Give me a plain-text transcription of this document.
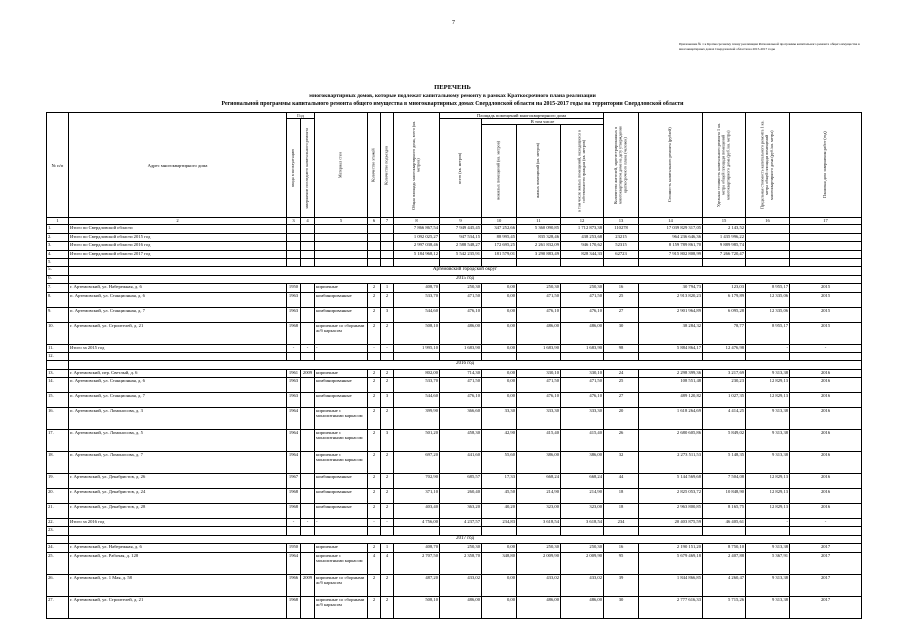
7
Приложение № 1 к Краткосрочному плану реализации Региональной программы капитального ремонта общего имущества в многоквартирных домах Свердловской области на 2015-2017 годы
ПЕРЕЧЕНЬ
многоквартирных домов, которые подлежат капитальному ремонту в рамках Краткосрочного плана реализации
Региональной программы капитального ремонта общего имущества в многоквартирных домах Свердловской области на 2015-2017 годы на территории Свердловской области
№ п/п	Адрес многоквартирного дома	Год		Материал стен	Количество этажей	Количество подъездов	Общая площадь многоквартирного дома, всего (кв. метров)	Площадь помещений многоквартирного дома				Количество жителей, зарегистрированных в многоквартирном доме на дату утверждения краткосрочного плана (человек)	Стоимость капитального ремонта (рублей)	Удельная стоимость капитального ремонта 1 кв. метра общей площади помещений многоквартирного дома (руб./кв. метра)	Предельная стоимость капитального ремонта 1 кв. метра общей площади помещений многоквартирного дома (руб./кв. метра)	Плановая дата завершения работ (год)

ввода в эксплуатацию	завершение последнего капитального ремонта					всего (кв. метров)	В том числе							

нежилых помещений (кв. метров)	жилых помещений (кв. метров)	в том числе жилых помещений, находящихся в собственности граждан (кв. метров)					

1	2	3	4	5	6	7	8	9	10	11	12	13	14	15	16	17
1.	Итого по Свердловской области						7 866 867,54	7 949 445,45	347 252,66	5 360 090,85	1 712 873,38	110278	17 039 829 317,05	2 143,52		
2.	Итого по Свердловской области 2015 год						1 092 025,27	947 534,15	88 995,45	835 328,46	438 253,68	23215	964 236 646,36	1 435 996,22		
3.	Итого по Свердловской области 2016 год						2 997 038,46	2 588 548,27	172 695,25	2 261 832,09	946 170,62	52315	8 159 789 861,70	9 889 985,74		
4.	Итого по Свердловской области 2017 год						5 184 968,12	5 542 235,91	181 579,01	3 290 883,49	828 344,33	62723	7 915 802 808,99	7 266 720,47		
5.																
5.	Артемовский городской округ															
6.	2015 год															
7.	г. Артемовский, ул. Набережная, д. 6	1950		кирпичные	2	1	408,70	250,30	0,00	250,30	250,30	16	30 794,73	123,03	8 955,17	2015
8.	п. Артемовский, ул. Станционная, д. 6	1963		комбинированные	2	2	533,70	471,50	0,00	471,50	471,50	25	2 913 820,23	6 179,89	12 335,06	2015
9.	п. Артемовский, ул. Станционная, д. 7	1963		комбинированные	2	3	544,60	476,10	0,00	476,10	476,10	27	2 901 964,89	6 095,28	12 335,06	2015
10.	г. Артемовский, ул. Строителей, д. 21	1968		кирпичные со сборными ж/б каркасом	2	2	508,10	486,00	0,00	486,00	486,00	30	38 284,32	78,77	8 955,17	2015
11.	Итого за 2015 год	-	-	-	-	-	1 995,10	1 683,90	0,00	1 683,90	1 683,90	98	5 884 864,17	12 476,98	-	-
12.																
	2016 год															
13.	г. Артемовский, пер. Светлый, д. 6	1961	2009	кирпичные	2	2	802,00	714,30	0,00	330,10	330,10	24	2 298 399,36	3 217,69	9 313,38	2016
14.	п. Артемовский, ул. Станционная, д. 6	1963		комбинированные	2	2	533,70	471,50	0,00	471,50	471,50	25	108 551,48	230,23	12 829,13	2016
15.	п. Артемовский, ул. Станционная, д. 7	1963		комбинированные	2	3	544,60	476,10	0,00	476,10	476,10	27	489 120,82	1 027,35	12 829,13	2016
16.	п. Артемовский, ул. Ломоносова, д. 3	1964		кирпичные с монолитными каркасом	2	2	399,90	366,60	33,30	333,30	333,30	20	1 618 264,69	4 414,25	9 313,38	2016
17.	п. Артемовский, ул. Ломоносова, д. 5	1964		кирпичные с монолитными каркасом	2	3	501,20	458,30	42,90	415,40	415,40	26	2 680 605,86	5 849,02	9 313,38	2016
18.	п. Артемовский, ул. Ломоносова, д. 7	1964		кирпичные с монолитными каркасом	2	2	697,20	441,60	55,60	386,00	386,00	32	2 273 511,53	5 148,35	9 313,38	2016
19.	г. Артемовский, ул. Декабристов, д. 26	1967		комбинированные	2	2	702,90	685,57	17,33	668,24	668,24	44	5 144 569,68	7 504,08	12 829,13	2016
20.	г. Артемовский, ул. Декабристов, д. 24	1968		комбинированные	2	2	371,10	260,40	45,50	214,90	214,90	18	2 825 053,72	10 848,90	12 829,13	2016
21.	г. Артемовский, ул. Декабристов, д. 28	1968		комбинированные	2	2	403,40	363,20	40,20	323,00	323,00	18	2 963 800,85	8 165,75	12 829,13	2016
22.	Итого за 2016 год	-	-	-	-	-	4 756,00	4 237,57	234,83	3 618,54	3 618,54	234	20 403 875,59	46 405,61	-	-
23.																
	2017 год															
24.	г. Артемовский, ул. Набережная, д. 6	1950		кирпичные	2	1	408,70	250,30	0,00	250,30	250,30	16	2 190 151,20	8 750,10	9 313,38	2017
25.	г. Артемовский, ул. Рабочая, д. 128	1964		кирпичные с монолитными каркасом	4	4	2 707,50	2 358,70	348,80	2 009,90	2 009,90	95	5 679 469,18	2 407,88	5 367,91	2017
26.	г. Артемовский, ул. 1 Мая, д. 58	1966	2009	кирпичные со сборными ж/б каркасом	2	2	487,20	433,02	0,00	433,02	433,02	39	1 844 866,85	4 260,47	9 313,38	2017
27.	г. Артемовский, ул. Строителей, д. 21	1968		кирпичные со сборными ж/б каркасом	2	2	508,10	486,00	0,00	486,00	486,00	30	2 777 616,33	5 715,26	9 313,38	2017
